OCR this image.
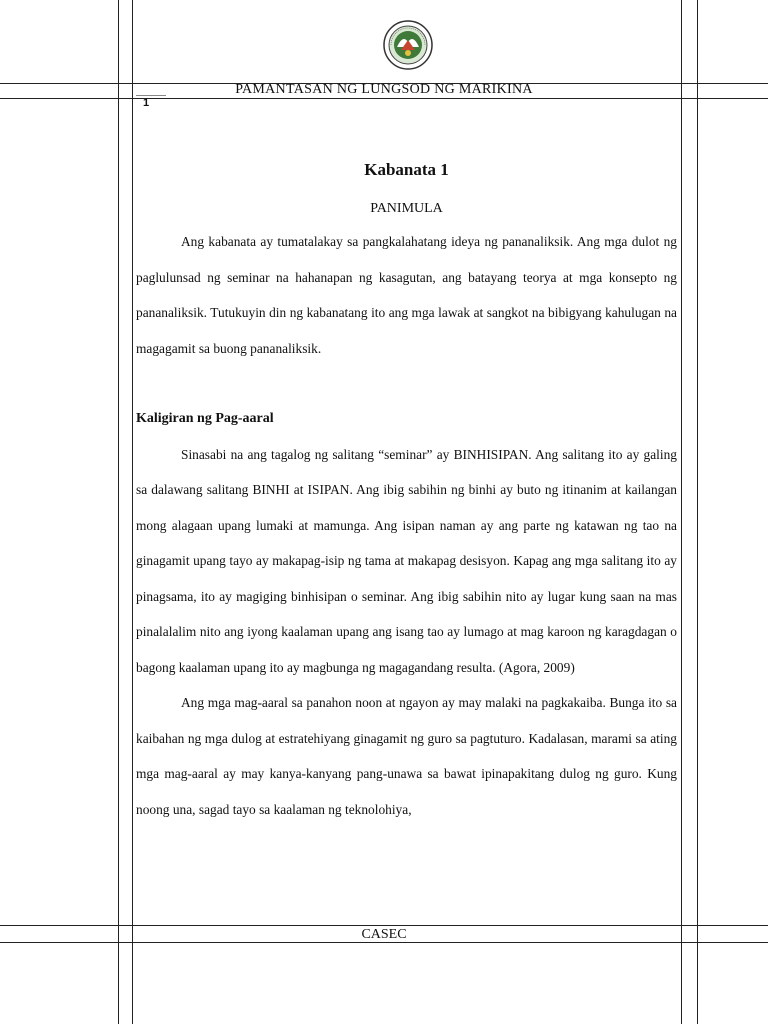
PAMANTASAN NG LUNGSOD NG MARIKINA
1
Kabanata 1
PANIMULA

Ang kabanata ay tumatalakay sa pangkalahatang ideya ng pananaliksik. Ang mga dulot ng paglulunsad ng seminar na hahanapan ng kasagutan, ang batayang teorya at mga konsepto ng pananaliksik. Tutukuyin din ng kabanatang ito ang mga lawak at sangkot na bibigyang kahulugan na magagamit sa buong pananaliksik.

Kaligiran ng Pag-aaral

Sinasabi na ang tagalog ng salitang “seminar” ay BINHISIPAN. Ang salitang ito ay galing sa dalawang salitang BINHI at ISIPAN. Ang ibig sabihin ng binhi ay buto ng itinanim at kailangan mong alagaan upang lumaki at mamunga. Ang isipan naman ay ang parte ng katawan ng tao na ginagamit upang tayo ay makapag-isip ng tama at makapag desisyon. Kapag ang mga salitang ito ay pinagsama, ito ay magiging binhisipan o seminar. Ang ibig sabihin nito ay lugar kung saan na mas pinalalalim nito ang iyong kaalaman upang ang isang tao ay lumago at mag karoon ng karagdagan o bagong kaalaman upang ito ay magbunga ng magagandang resulta. (Agora, 2009)

Ang mga mag-aaral sa panahon noon at ngayon ay may malaki na pagkakaiba. Bunga ito sa kaibahan ng mga dulog at estratehiyang ginagamit ng guro sa pagtuturo. Kadalasan, marami sa ating mga mag-aaral ay may kanya-kanyang pang-unawa sa bawat ipinapakitang dulog ng guro. Kung noong una, sagad tayo sa kaalaman ng teknolohiya,

CASEC
